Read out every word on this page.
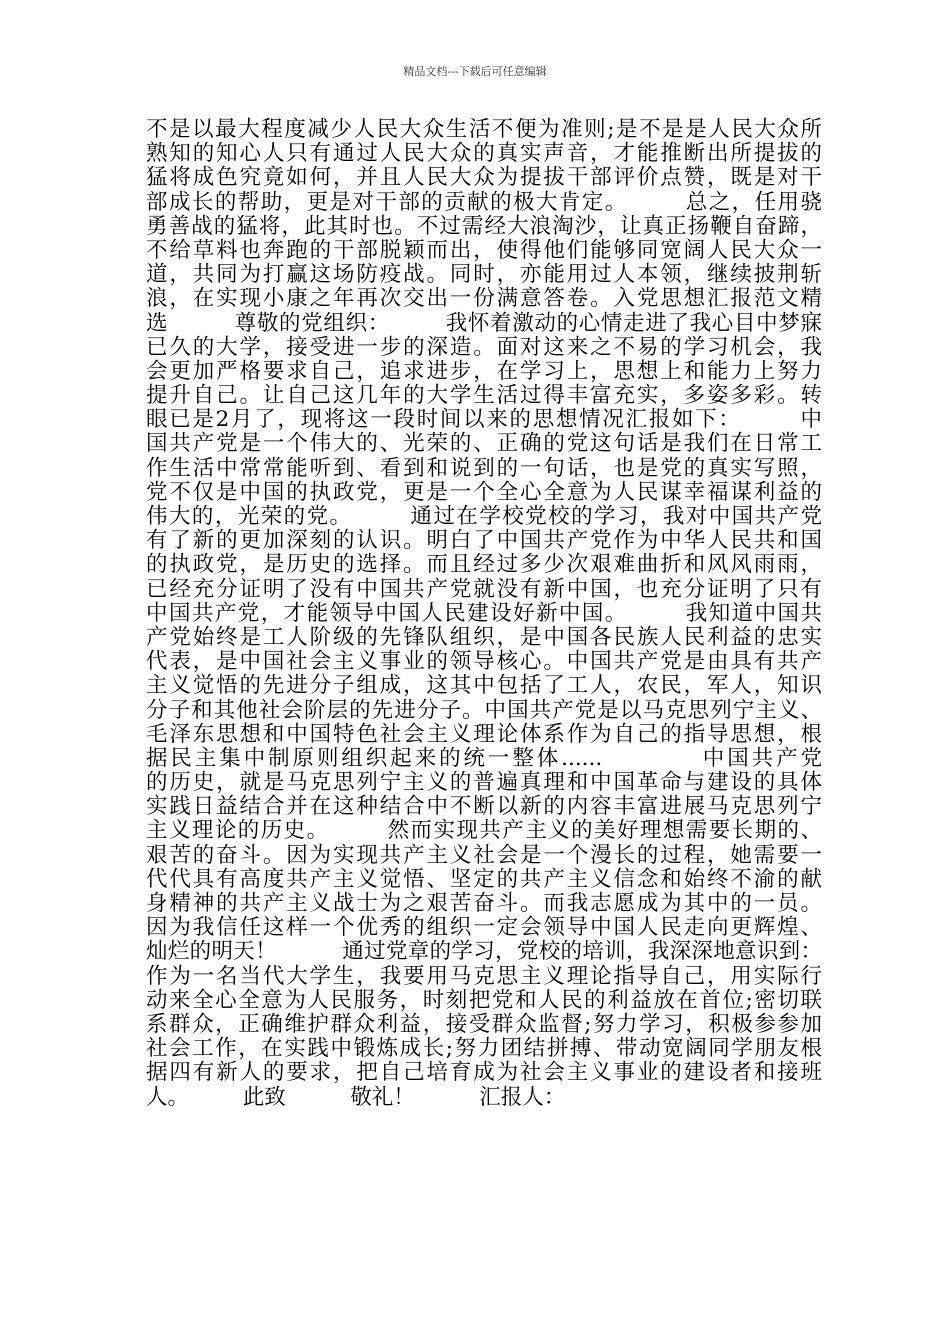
精品文档---下载后可任意编辑
不是以最大程度减少人民大众生活不便为准则;是不是是人民大众所
熟知的知心人只有通过人民大众的真实声音，才能推断出所提拔的
猛将成色究竟如何，并且人民大众为提拔干部评价点赞，既是对干
部成长的帮助，更是对干部的贡献的极大肯定。　　　总之，任用骁
勇善战的猛将，此其时也。不过需经大浪淘沙，让真正扬鞭自奋蹄，
不给草料也奔跑的干部脱颖而出，使得他们能够同宽阔人民大众一
道，共同为打赢这场防疫战。同时，亦能用过人本领，继续披荆斩
浪，在实现小康之年再次交出一份满意答卷。入党思想汇报范文精
选　　　尊敬的党组织：　　　我怀着激动的心情走进了我心目中梦寐
已久的大学，接受进一步的深造。面对这来之不易的学习机会，我
会更加严格要求自己，追求进步，在学习上，思想上和能力上努力
提升自己。让自己这几年的大学生活过得丰富充实，多姿多彩。转
眼已是2月了，现将这一段时间以来的思想情况汇报如下：　　　中
国共产党是一个伟大的、光荣的、正确的党这句话是我们在日常工
作生活中常常能听到、看到和说到的一句话，也是党的真实写照，
党不仅是中国的执政党，更是一个全心全意为人民谋幸福谋利益的
伟大的，光荣的党。　　　通过在学校党校的学习，我对中国共产党
有了新的更加深刻的认识。明白了中国共产党作为中华人民共和国
的执政党，是历史的选择。而且经过多少次艰难曲折和风风雨雨，
已经充分证明了没有中国共产党就没有新中国，也充分证明了只有
中国共产党，才能领导中国人民建设好新中国。　　　我知道中国共
产党始终是工人阶级的先锋队组织，是中国各民族人民利益的忠实
代表，是中国社会主义事业的领导核心。中国共产党是由具有共产
主义觉悟的先进分子组成，这其中包括了工人，农民，军人，知识
分子和其他社会阶层的先进分子。中国共产党是以马克思列宁主义、
毛泽东思想和中国特色社会主义理论体系作为自己的指导思想，根
据民主集中制原则组织起来的统一整体......　　　　中国共产党
的历史，就是马克思列宁主义的普遍真理和中国革命与建设的具体
实践日益结合并在这种结合中不断以新的内容丰富进展马克思列宁
主义理论的历史。　　　然而实现共产主义的美好理想需要长期的、
艰苦的奋斗。因为实现共产主义社会是一个漫长的过程，她需要一
代代具有高度共产主义觉悟、坚定的共产主义信念和始终不渝的献
身精神的共产主义战士为之艰苦奋斗。而我志愿成为其中的一员。
因为我信任这样一个优秀的组织一定会领导中国人民走向更辉煌、
灿烂的明天！　　　通过党章的学习，党校的培训，我深深地意识到：
作为一名当代大学生，我要用马克思主义理论指导自己，用实际行
动来全心全意为人民服务，时刻把党和人民的利益放在首位;密切联
系群众，正确维护群众利益，接受群众监督;努力学习，积极参参加
社会工作，在实践中锻炼成长;努力团结拼搏、带动宽阔同学朋友根
据四有新人的要求，把自己培育成为社会主义事业的建设者和接班
人。　　　此致　　　敬礼！　　　汇报人：
